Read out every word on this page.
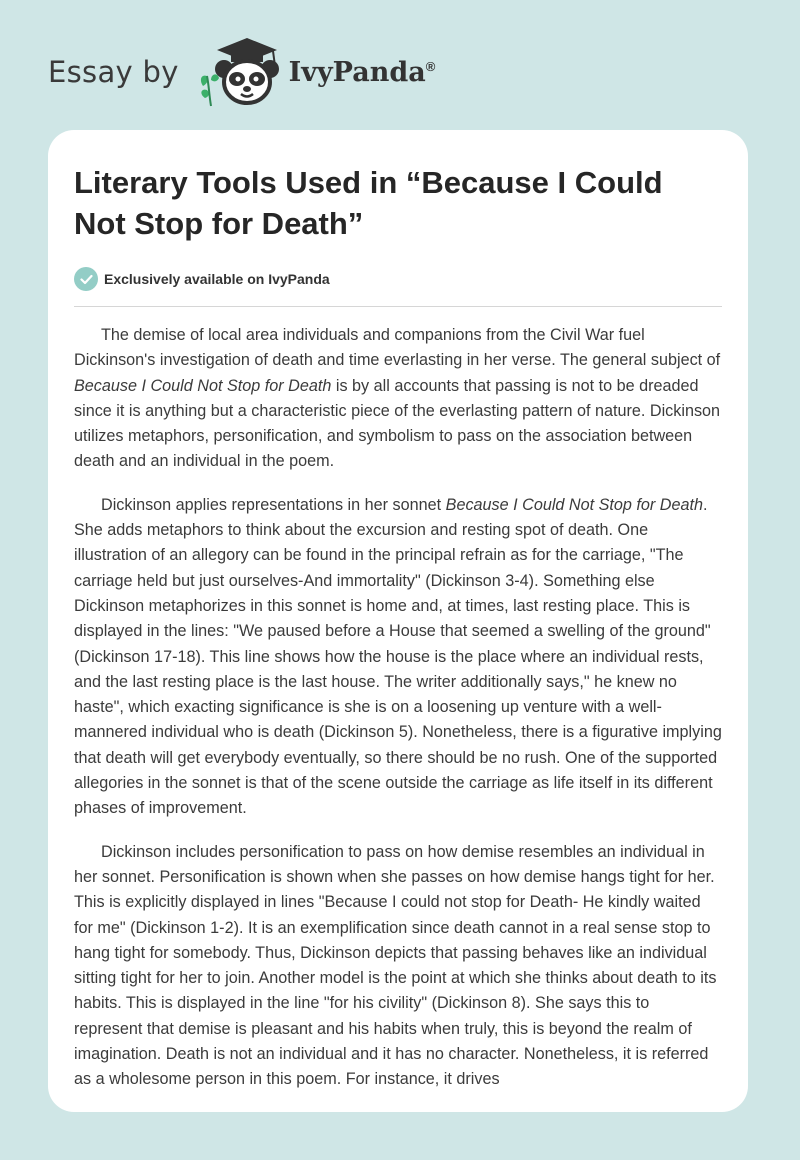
Essay by	IvyPanda®
Literary Tools Used in “Because I Could Not Stop for Death”
Exclusively available on IvyPanda

The demise of local area individuals and companions from the Civil War fuel Dickinson's investigation of death and time everlasting in her verse. The general subject of Because I Could Not Stop for Death is by all accounts that passing is not to be dreaded since it is anything but a characteristic piece of the everlasting pattern of nature. Dickinson utilizes metaphors, personification, and symbolism to pass on the association between death and an individual in the poem.

Dickinson applies representations in her sonnet Because I Could Not Stop for Death. She adds metaphors to think about the excursion and resting spot of death. One illustration of an allegory can be found in the principal refrain as for the carriage, "The carriage held but just ourselves-And immortality" (Dickinson 3-4). Something else Dickinson metaphorizes in this sonnet is home and, at times, last resting place. This is displayed in the lines: "We paused before a House that seemed a swelling of the ground" (Dickinson 17-18). This line shows how the house is the place where an individual rests, and the last resting place is the last house. The writer additionally says," he knew no haste", which exacting significance is she is on a loosening up venture with a well-mannered individual who is death (Dickinson 5). Nonetheless, there is a figurative implying that death will get everybody eventually, so there should be no rush. One of the supported allegories in the sonnet is that of the scene outside the carriage as life itself in its different phases of improvement.

Dickinson includes personification to pass on how demise resembles an individual in her sonnet. Personification is shown when she passes on how demise hangs tight for her. This is explicitly displayed in lines "Because I could not stop for Death- He kindly waited for me" (Dickinson 1-2). It is an exemplification since death cannot in a real sense stop to hang tight for somebody. Thus, Dickinson depicts that passing behaves like an individual sitting tight for her to join. Another model is the point at which she thinks about death to its habits. This is displayed in the line "for his civility" (Dickinson 8). She says this to represent that demise is pleasant and his habits when truly, this is beyond the realm of imagination. Death is not an individual and it has no character. Nonetheless, it is referred as a wholesome person in this poem. For instance, it drives
